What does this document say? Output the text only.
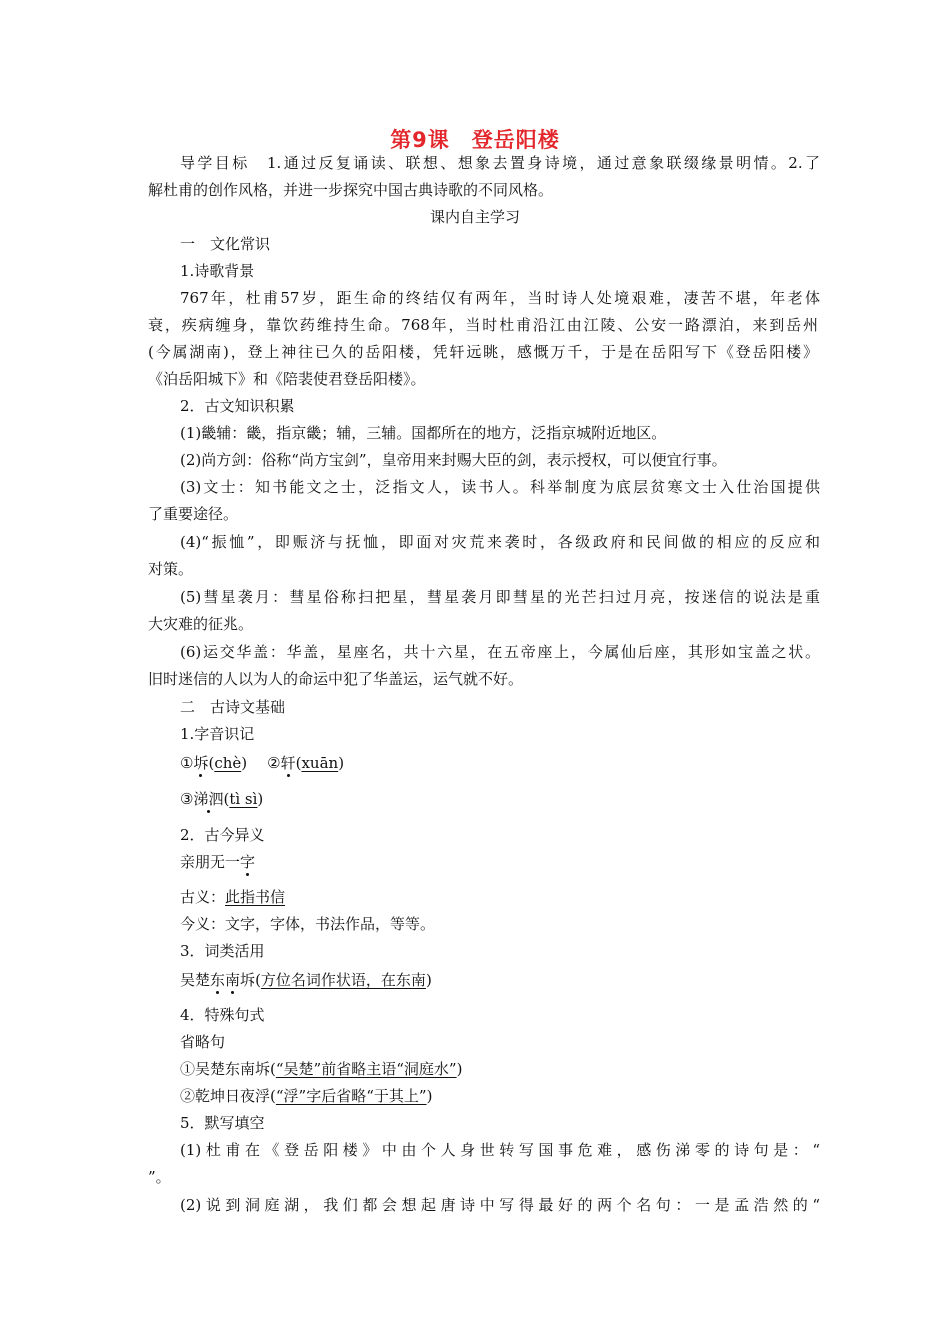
第9课　登岳阳楼
导学目标　1.通过反复诵读、联想、想象去置身诗境，通过意象联缀缘景明情。2.了
解杜甫的创作风格，并进一步探究中国古典诗歌的不同风格。
课内自主学习
一　文化常识
1.诗歌背景
767年，杜甫57岁，距生命的终结仅有两年，当时诗人处境艰难，凄苦不堪，年老体
衰，疾病缠身，靠饮药维持生命。768年，当时杜甫沿江由江陵、公安一路漂泊，来到岳州
(今属湖南)，登上神往已久的岳阳楼，凭轩远眺，感慨万千，于是在岳阳写下《登岳阳楼》
《泊岳阳城下》和《陪裴使君登岳阳楼》。
2．古文知识积累
(1)畿辅：畿，指京畿；辅，三辅。国都所在的地方，泛指京城附近地区。
(2)尚方剑：俗称“尚方宝剑”，皇帝用来封赐大臣的剑，表示授权，可以便宜行事。
(3)文士：知书能文之士，泛指文人，读书人。科举制度为底层贫寒文士入仕治国提供
了重要途径。
(4)“振恤”，即赈济与抚恤，即面对灾荒来袭时，各级政府和民间做的相应的反应和
对策。
(5)彗星袭月：彗星俗称扫把星，彗星袭月即彗星的光芒扫过月亮，按迷信的说法是重
大灾难的征兆。
(6)运交华盖：华盖，星座名，共十六星，在五帝座上，今属仙后座，其形如宝盖之状。
旧时迷信的人以为人的命运中犯了华盖运，运气就不好。
二　古诗文基础
1.字音识记
①坼(chè) ②轩(xuān)
③涕泗(tì sì)
2．古今异义
亲朋无一字
古义：此指书信
今义：文字，字体，书法作品，等等。
3．词类活用
吴楚东南坼(方位名词作状语，在东南)
4．特殊句式
省略句
①吴楚东南坼(“吴楚”前省略主语“洞庭水”)
②乾坤日夜浮(“浮”字后省略“于其上”)
5．默写填空
(1)杜甫在《登岳阳楼》中由个人身世转写国事危难，感伤涕零的诗句是：“
”。
(2)说到洞庭湖，我们都会想起唐诗中写得最好的两个名句：一是孟浩然的“
